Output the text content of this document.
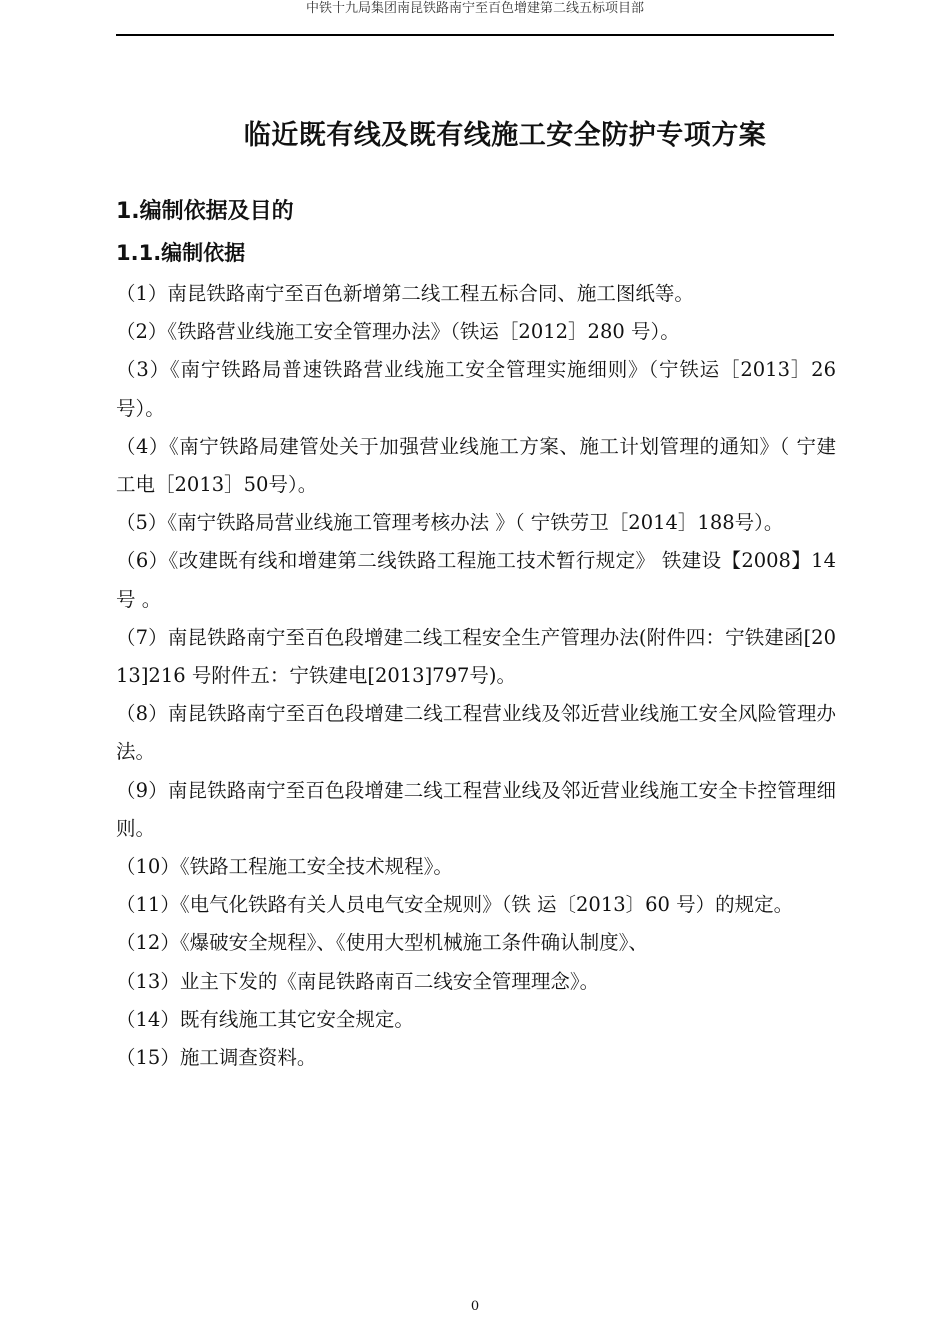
中铁十九局集团南昆铁路南宁至百色增建第二线五标项目部
临近既有线及既有线施工安全防护专项方案

1.编制依据及目的

1.1.编制依据

（1）南昆铁路南宁至百色新增第二线工程五标合同、施工图纸等。

（2）《铁路营业线施工安全管理办法》（铁运［2012］280 号）。

（3）《南宁铁路局普速铁路营业线施工安全管理实施细则》（宁铁运［2013］26号）。

（4）《南宁铁路局建管处关于加强营业线施工方案、施工计划管理的通知》（ 宁建工电［2013］50号）。

（5）《南宁铁路局营业线施工管理考核办法 》（ 宁铁劳卫［2014］188号）。

（6）《改建既有线和增建第二线铁路工程施工技术暂行规定》 铁建设【2008】14 号 。

（7）南昆铁路南宁至百色段增建二线工程安全生产管理办法(附件四：宁铁建函[2013]216 号附件五：宁铁建电[2013]797号)。

（8）南昆铁路南宁至百色段增建二线工程营业线及邻近营业线施工安全风险管理办法。

（9）南昆铁路南宁至百色段增建二线工程营业线及邻近营业线施工安全卡控管理细则。

（10）《铁路工程施工安全技术规程》。

（11）《电气化铁路有关人员电气安全规则》（铁 运〔2013〕60 号）的规定。

（12）《爆破安全规程》、《使用大型机械施工条件确认制度》、

（13）业主下发的《南昆铁路南百二线安全管理理念》。

（14）既有线施工其它安全规定。

（15）施工调查资料。

0
